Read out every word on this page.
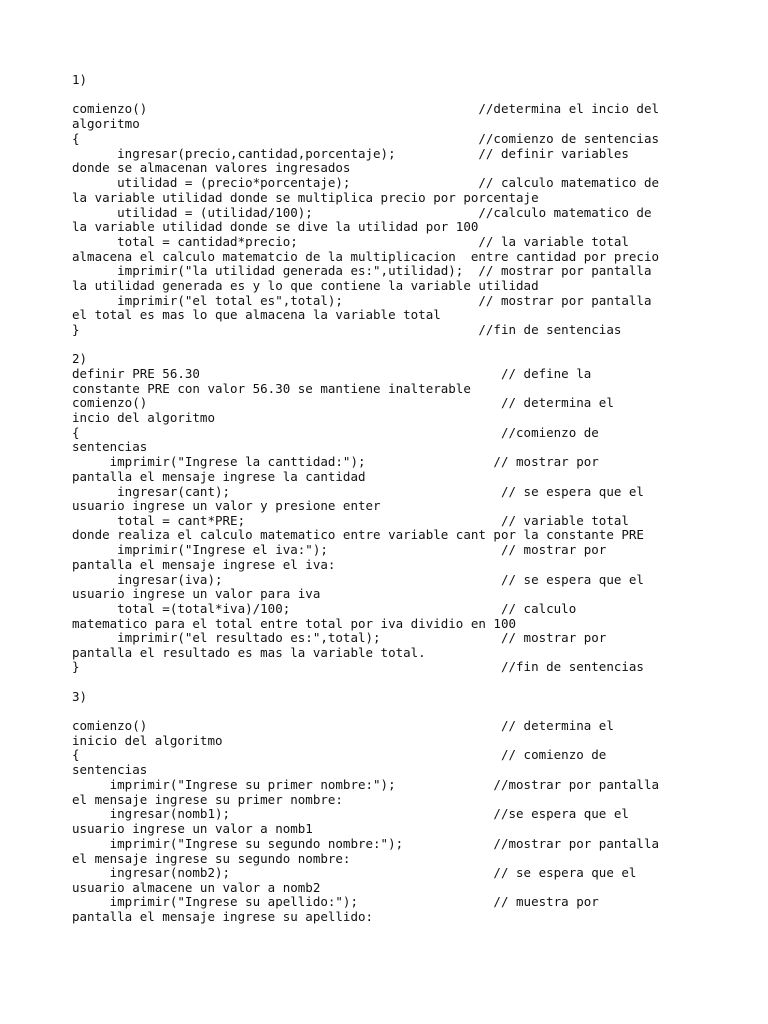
1)

comienzo()                                            //determina el incio del

algoritmo

{                                                     //comienzo de sentencias

ingresar(precio,cantidad,porcentaje);           // definir variables

donde se almacenan valores ingresados

utilidad = (precio*porcentaje);                 // calculo matematico de

la variable utilidad donde se multiplica precio por porcentaje

utilidad = (utilidad/100);                      //calculo matematico de

la variable utilidad donde se dive la utilidad por 100

total = cantidad*precio;                        // la variable total

almacena el calculo matematcio de la multiplicacion  entre cantidad por precio

imprimir("la utilidad generada es:",utilidad);  // mostrar por pantalla

la utilidad generada es y lo que contiene la variable utilidad

imprimir("el total es",total);                  // mostrar por pantalla

el total es mas lo que almacena la variable total

}                                                     //fin de sentencias

2)

definir PRE 56.30                                        // define la

constante PRE con valor 56.30 se mantiene inalterable

comienzo()                                               // determina el

incio del algoritmo

{                                                        //comienzo de

sentencias

imprimir("Ingrese la canttidad:");                 // mostrar por

pantalla el mensaje ingrese la cantidad

ingresar(cant);                                    // se espera que el

usuario ingrese un valor y presione enter

total = cant*PRE;                                  // variable total

donde realiza el calculo matematico entre variable cant por la constante PRE

imprimir("Ingrese el iva:");                       // mostrar por

pantalla el mensaje ingrese el iva:

ingresar(iva);                                     // se espera que el

usuario ingrese un valor para iva

total =(total*iva)/100;                            // calculo

matematico para el total entre total por iva dividio en 100

imprimir("el resultado es:",total);                // mostrar por

pantalla el resultado es mas la variable total.

}                                                        //fin de sentencias

3)

comienzo()                                               // determina el

inicio del algoritmo

{                                                        // comienzo de

sentencias

imprimir("Ingrese su primer nombre:");             //mostrar por pantalla

el mensaje ingrese su primer nombre:

ingresar(nomb1);                                   //se espera que el

usuario ingrese un valor a nomb1

imprimir("Ingrese su segundo nombre:");            //mostrar por pantalla

el mensaje ingrese su segundo nombre:

ingresar(nomb2);                                   // se espera que el

usuario almacene un valor a nomb2

imprimir("Ingrese su apellido:");                  // muestra por

pantalla el mensaje ingrese su apellido:
